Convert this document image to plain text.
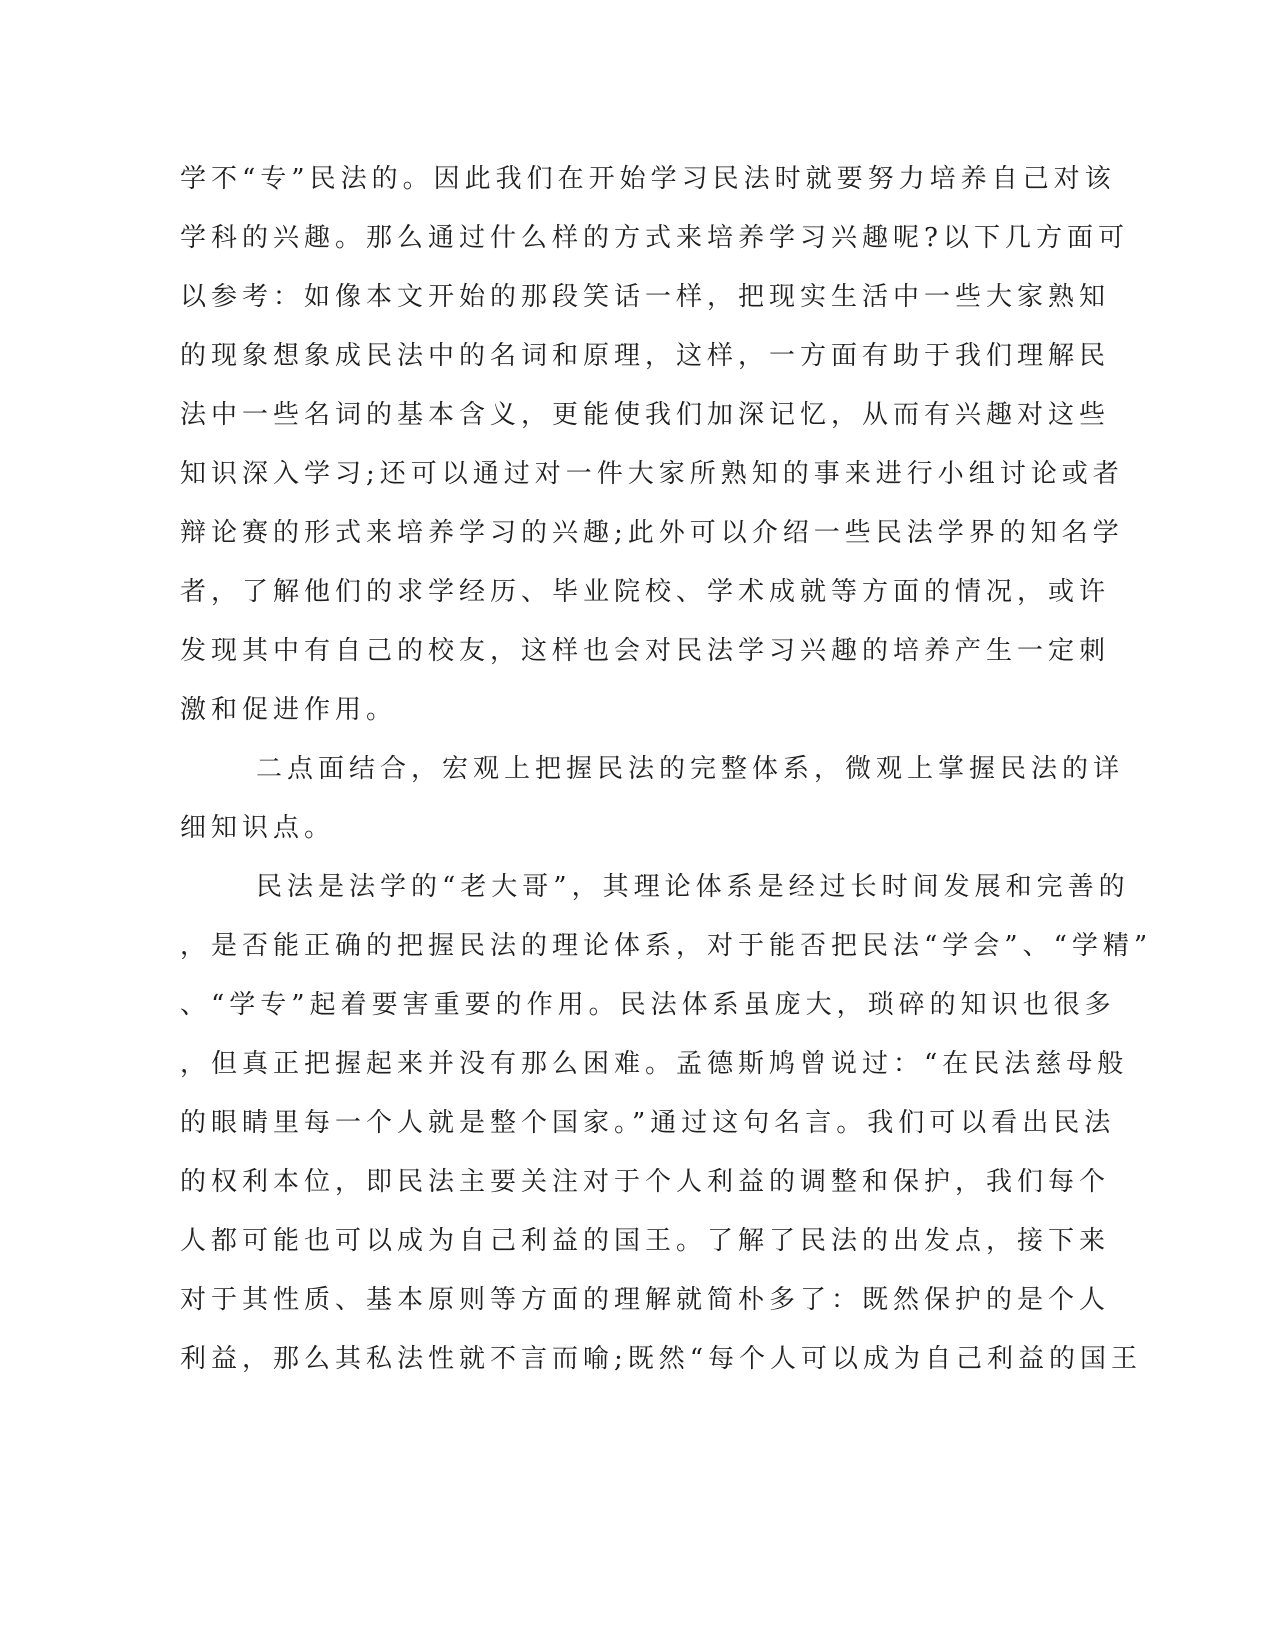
学不“专”民法的。因此我们在开始学习民法时就要努力培养自己对该
学科的兴趣。那么通过什么样的方式来培养学习兴趣呢?以下几方面可
以参考：如像本文开始的那段笑话一样，把现实生活中一些大家熟知
的现象想象成民法中的名词和原理，这样，一方面有助于我们理解民
法中一些名词的基本含义，更能使我们加深记忆，从而有兴趣对这些
知识深入学习;还可以通过对一件大家所熟知的事来进行小组讨论或者
辩论赛的形式来培养学习的兴趣;此外可以介绍一些民法学界的知名学
者，了解他们的求学经历、毕业院校、学术成就等方面的情况，或许
发现其中有自己的校友，这样也会对民法学习兴趣的培养产生一定刺
激和促进作用。
二点面结合，宏观上把握民法的完整体系，微观上掌握民法的详
细知识点。
民法是法学的“老大哥”，其理论体系是经过长时间发展和完善的
，是否能正确的把握民法的理论体系，对于能否把民法“学会”、“学精”
、“学专”起着要害重要的作用。民法体系虽庞大，琐碎的知识也很多
，但真正把握起来并没有那么困难。孟德斯鸠曾说过：“在民法慈母般
的眼睛里每一个人就是整个国家。”通过这句名言。我们可以看出民法
的权利本位，即民法主要关注对于个人利益的调整和保护，我们每个
人都可能也可以成为自己利益的国王。了解了民法的出发点，接下来
对于其性质、基本原则等方面的理解就简朴多了：既然保护的是个人
利益，那么其私法性就不言而喻;既然“每个人可以成为自己利益的国王
